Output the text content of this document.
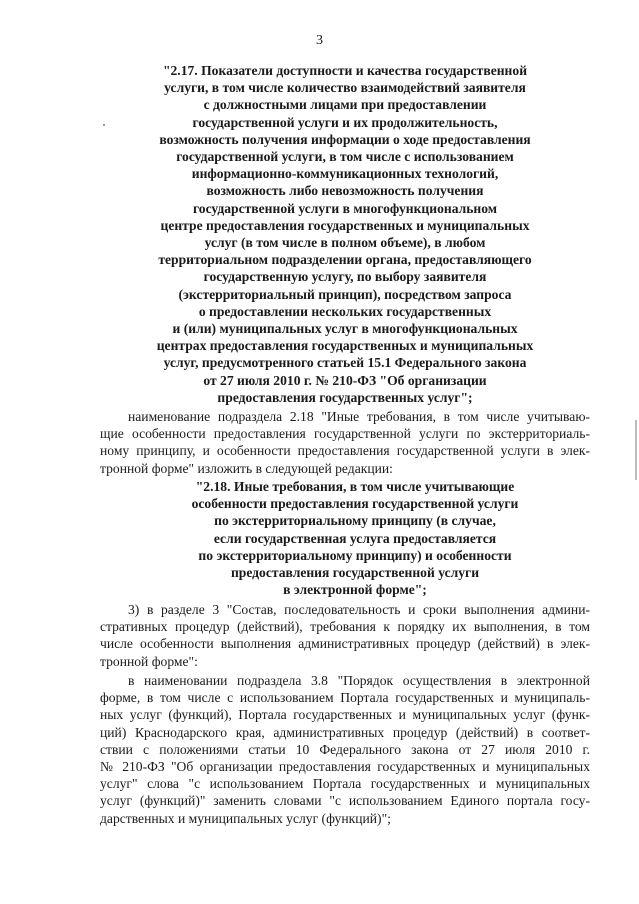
3
"2.17. Показатели доступности и качества государственной
услуги, в том числе количество взаимодействий заявителя
с должностными лицами при предоставлении
государственной услуги и их продолжительность,
возможность получения информации о ходе предоставления
государственной услуги, в том числе с использованием
информационно-коммуникационных технологий,
возможность либо невозможность получения
государственной услуги в многофункциональном
центре предоставления государственных и муниципальных
услуг (в том числе в полном объеме), в любом
территориальном подразделении органа, предоставляющего
государственную услугу, по выбору заявителя
(экстерриториальный принцип), посредством запроса
о предоставлении нескольких государственных
и (или) муниципальных услуг в многофункциональных
центрах предоставления государственных и муниципальных
услуг, предусмотренного статьей 15.1 Федерального закона
от 27 июля 2010 г. № 210-ФЗ "Об организации
предоставления государственных услуг";
наименование подраздела 2.18 "Иные требования, в том числе учитываю-
щие особенности предоставления государственной услуги по экстерриториаль-
ному принципу, и особенности предоставления государственной услуги в элек-
тронной форме" изложить в следующей редакции:
"2.18. Иные требования, в том числе учитывающие
особенности предоставления государственной услуги
по экстерриториальному принципу (в случае,
если государственная услуга предоставляется
по экстерриториальному принципу) и особенности
предоставления государственной услуги
в электронной форме";
3) в разделе 3 "Состав, последовательность и сроки выполнения админи-
стративных процедур (действий), требования к порядку их выполнения, в том
числе особенности выполнения административных процедур (действий) в элек-
тронной форме":
в наименовании подраздела 3.8 "Порядок осуществления в электронной
форме, в том числе с использованием Портала государственных и муниципаль-
ных услуг (функций), Портала государственных и муниципальных услуг (функ-
ций) Краснодарского края, административных процедур (действий) в соответ-
ствии с положениями статьи 10 Федерального закона от 27 июля 2010 г.
№ 210-ФЗ "Об организации предоставления государственных и муниципальных
услуг" слова "с использованием Портала государственных и муниципальных
услуг (функций)" заменить словами "с использованием Единого портала госу-
дарственных и муниципальных услуг (функций)";
